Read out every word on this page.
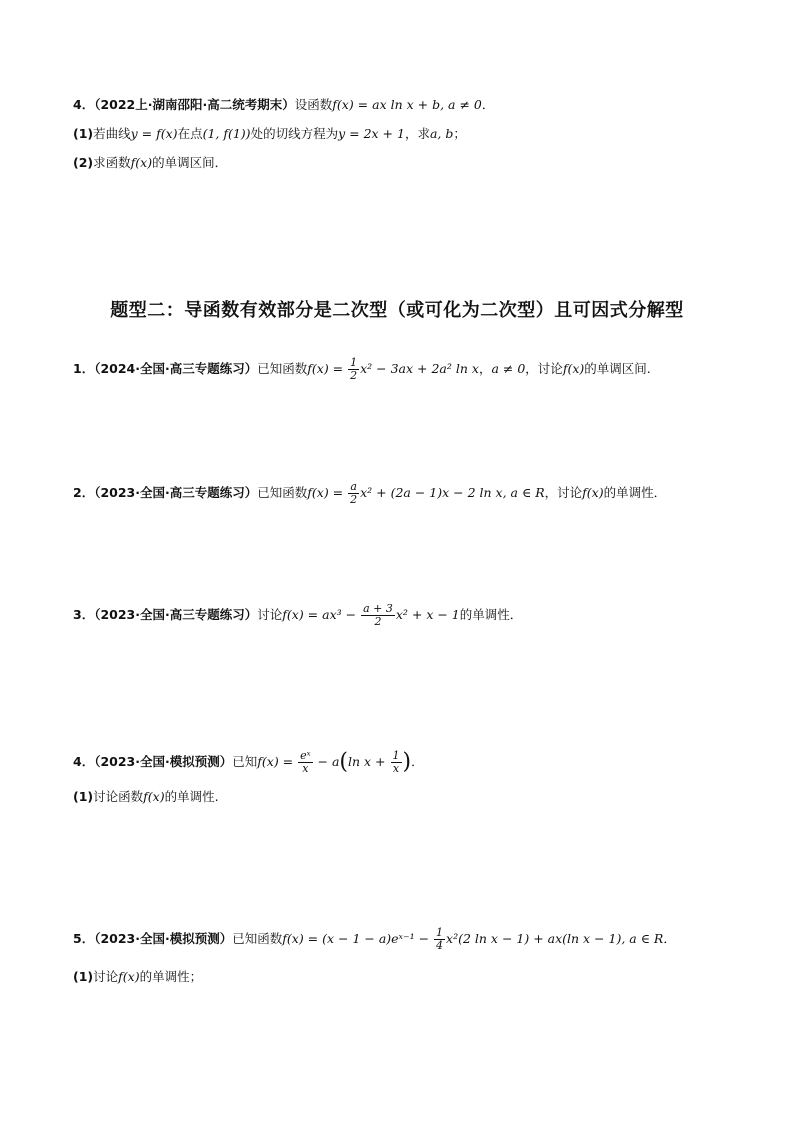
4．（2022上·湖南邵阳·高二统考期末）设函数f(x) = ax ln x + b, a ≠ 0．
(1)若曲线y = f(x)在点(1, f(1))处的切线方程为y = 2x + 1，求a, b；
(2)求函数f(x)的单调区间．
题型二：导函数有效部分是二次型（或可化为二次型）且可因式分解型
1．（2024·全国·高三专题练习）已知函数$f(x) = \frac{1}{2} x^2 - 3ax + 2a^2$ ln x，a ≠ 0，讨论f(x)的单调区间.
2．（2023·全国·高三专题练习）已知函数$f(x) = \frac{a}{2} x^2 + (2a - 1)x - 2$ ln x, a ∈ R，讨论f(x)的单调性．
3．（2023·全国·高三专题练习）讨论$f(x) = ax^3 - \frac{a + 3}{2} x^2 + x - 1$的单调性．
4．（2023·全国·模拟预测）已知$f(x) = \frac{\text{eˣ}}{x} - a(\ln$ $x + \frac{1}{x}$ )．
(1)讨论函数f(x)的单调性.
5．（2023·全国·模拟预测）已知函数f(x) = (x − 1 − a)eˣ⁻¹ − $\frac{1}{4} x^2(2$ ln x − 1) + ax(ln x − 1), a ∈ R．
(1)讨论f(x)的单调性；
